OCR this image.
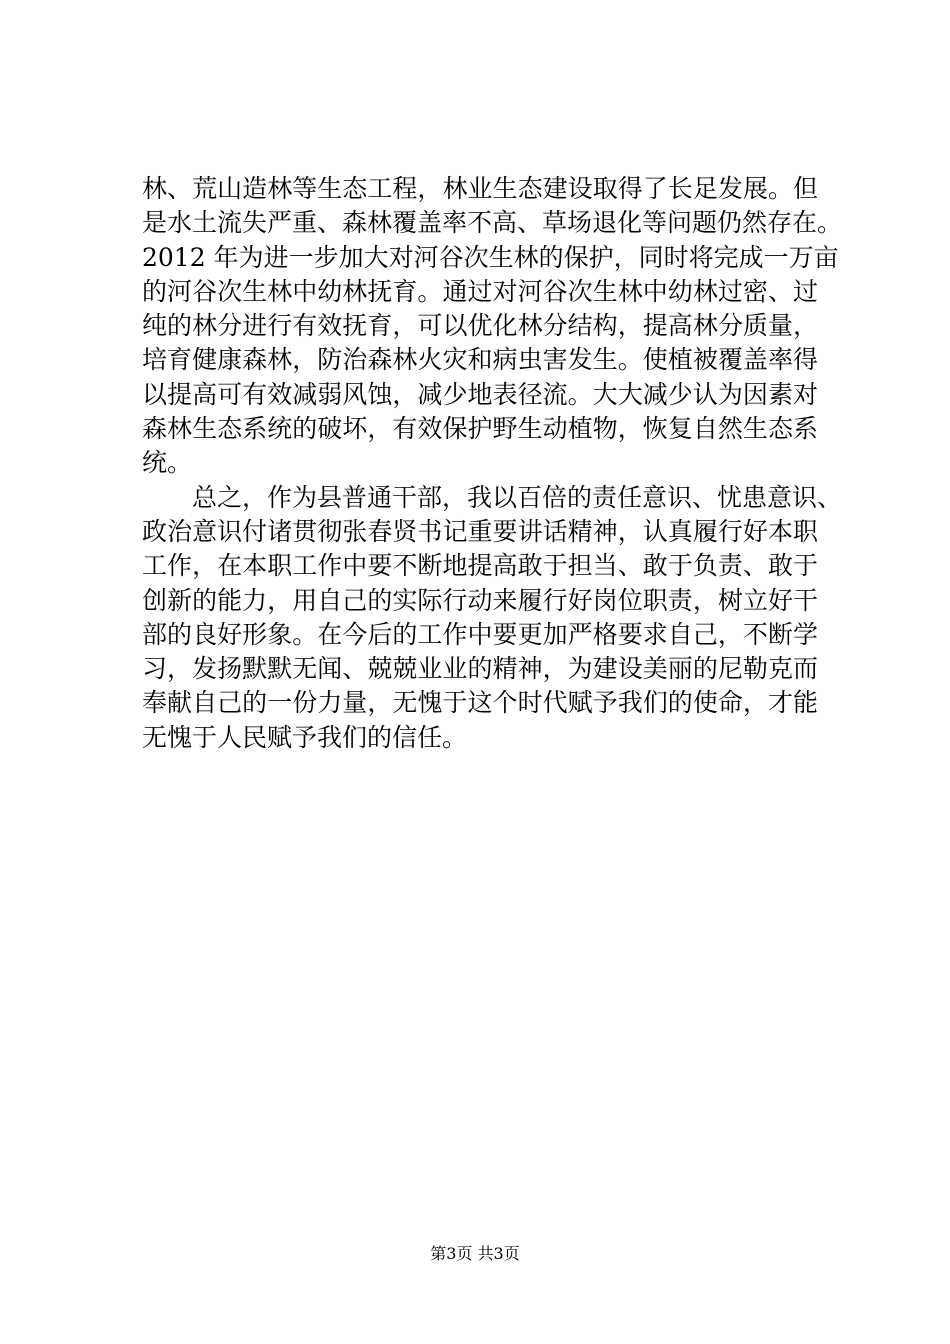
林、荒山造林等生态工程，林业生态建设取得了长足发展。但
是水土流失严重、森林覆盖率不高、草场退化等问题仍然存在。
2012 年为进一步加大对河谷次生林的保护，同时将完成一万亩
的河谷次生林中幼林抚育。通过对河谷次生林中幼林过密、过
纯的林分进行有效抚育，可以优化林分结构，提高林分质量，
培育健康森林，防治森林火灾和病虫害发生。使植被覆盖率得
以提高可有效减弱风蚀，减少地表径流。大大减少认为因素对
森林生态系统的破坏，有效保护野生动植物，恢复自然生态系
统。
总之，作为县普通干部，我以百倍的责任意识、忧患意识、
政治意识付诸贯彻张春贤书记重要讲话精神，认真履行好本职
工作，在本职工作中要不断地提高敢于担当、敢于负责、敢于
创新的能力，用自己的实际行动来履行好岗位职责，树立好干
部的良好形象。在今后的工作中要更加严格要求自己，不断学
习，发扬默默无闻、兢兢业业的精神，为建设美丽的尼勒克而
奉献自己的一份力量，无愧于这个时代赋予我们的使命，才能
无愧于人民赋予我们的信任。
第3页 共3页
